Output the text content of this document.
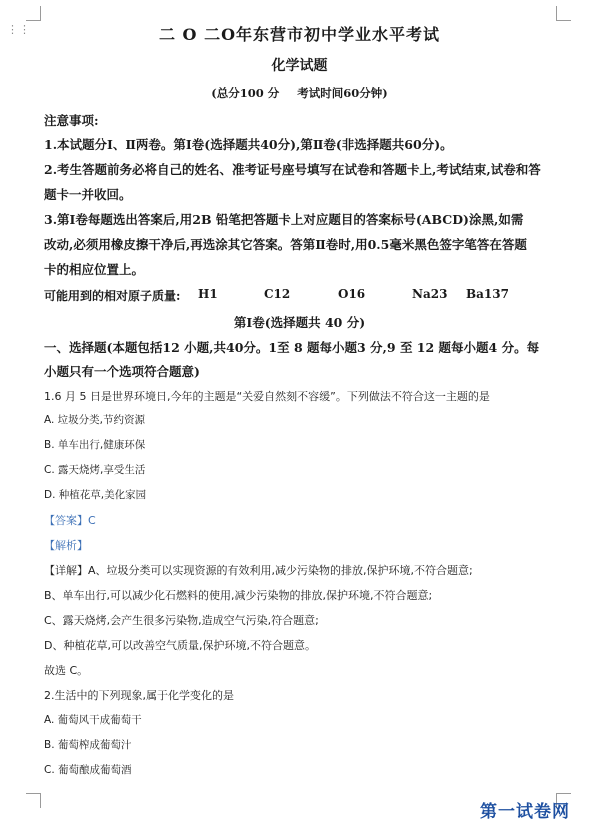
⋮⋮	二 O 二O年东营市初中学业水平考试
化学试题
(总分100 分 考试时间60分钟)
注意事项:
1.本试题分Ⅰ、Ⅱ两卷。第Ⅰ卷(选择题共40分),第Ⅱ卷(非选择题共60分)。
2.考生答题前务必将自己的姓名、准考证号座号填写在试卷和答题卡上,考试结束,试卷和答
题卡一并收回。
3.第Ⅰ卷每题选出答案后,用2B 铅笔把答题卡上对应题目的答案标号(ABCD)涂黑,如需
改动,必须用橡皮擦干净后,再选涂其它答案。答第Ⅱ卷时,用0.5毫米黑色签字笔答在答题
卡的相应位置上。
可能用到的相对原子质量: H1	C12	O16	Na23 Ba137
第Ⅰ卷(选择题共 40 分)
一、选择题(本题包括12 小题,共40分。1至 8 题每小题3 分,9 至 12 题每小题4 分。每
小题只有一个选项符合题意)
1.6 月 5 日是世界环境日,今年的主题是“关爱自然刻不容缓”。下列做法不符合这一主题的是
A. 垃圾分类,节约资源
B. 单车出行,健康环保
C. 露天烧烤,享受生活
D. 种植花草,美化家园
【答案】C
【解析】
【详解】A、垃圾分类可以实现资源的有效利用,减少污染物的排放,保护环境,不符合题意;
B、单车出行,可以减少化石燃料的使用,减少污染物的排放,保护环境,不符合题意;
C、露天烧烤,会产生很多污染物,造成空气污染,符合题意;
D、种植花草,可以改善空气质量,保护环境,不符合题意。
故选 C。
2.生活中的下列现象,属于化学变化的是
A. 葡萄风干成葡萄干
B. 葡萄榨成葡萄汁
C. 葡萄酿成葡萄酒
第一试卷网
